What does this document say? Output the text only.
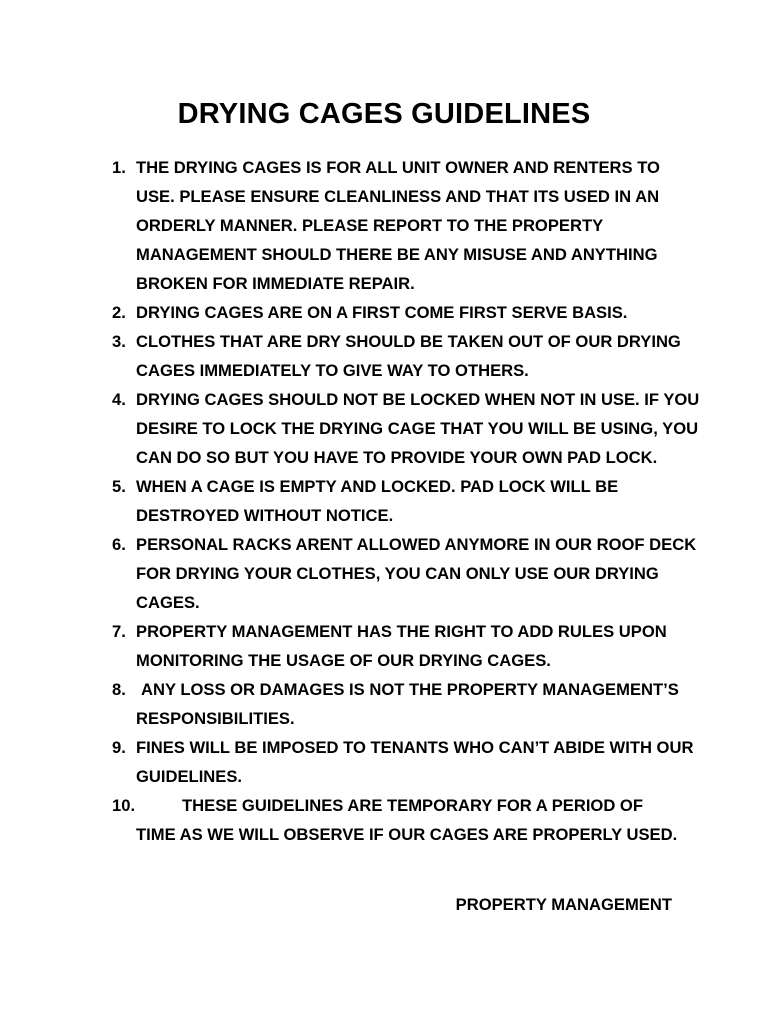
DRYING CAGES GUIDELINES
1. THE DRYING CAGES IS FOR ALL UNIT OWNER AND RENTERS TO USE. PLEASE ENSURE CLEANLINESS AND THAT ITS USED IN AN ORDERLY MANNER. PLEASE REPORT TO THE PROPERTY MANAGEMENT SHOULD THERE BE ANY MISUSE AND ANYTHING BROKEN FOR IMMEDIATE REPAIR.
2. DRYING CAGES ARE ON A FIRST COME FIRST SERVE BASIS.
3. CLOTHES THAT ARE DRY SHOULD BE TAKEN OUT OF OUR DRYING CAGES IMMEDIATELY TO GIVE WAY TO OTHERS.
4. DRYING CAGES SHOULD NOT BE LOCKED WHEN NOT IN USE. IF YOU DESIRE TO LOCK THE DRYING CAGE THAT YOU WILL BE USING, YOU CAN DO SO BUT YOU HAVE TO PROVIDE YOUR OWN PAD LOCK.
5. WHEN A CAGE IS EMPTY AND LOCKED. PAD LOCK WILL BE DESTROYED WITHOUT NOTICE.
6. PERSONAL RACKS ARENT ALLOWED ANYMORE IN OUR ROOF DECK FOR DRYING YOUR CLOTHES, YOU CAN ONLY USE OUR DRYING CAGES.
7. PROPERTY MANAGEMENT HAS THE RIGHT TO ADD RULES UPON MONITORING THE USAGE OF OUR DRYING CAGES.
8. ANY LOSS OR DAMAGES IS NOT THE PROPERTY MANAGEMENT’S RESPONSIBILITIES.
9. FINES WILL BE IMPOSED TO TENANTS WHO CAN’T ABIDE WITH OUR GUIDELINES.
10.	THESE GUIDELINES ARE TEMPORARY FOR A PERIOD OF
TIME AS WE WILL OBSERVE IF OUR CAGES ARE PROPERLY USED.

PROPERTY MANAGEMENT
